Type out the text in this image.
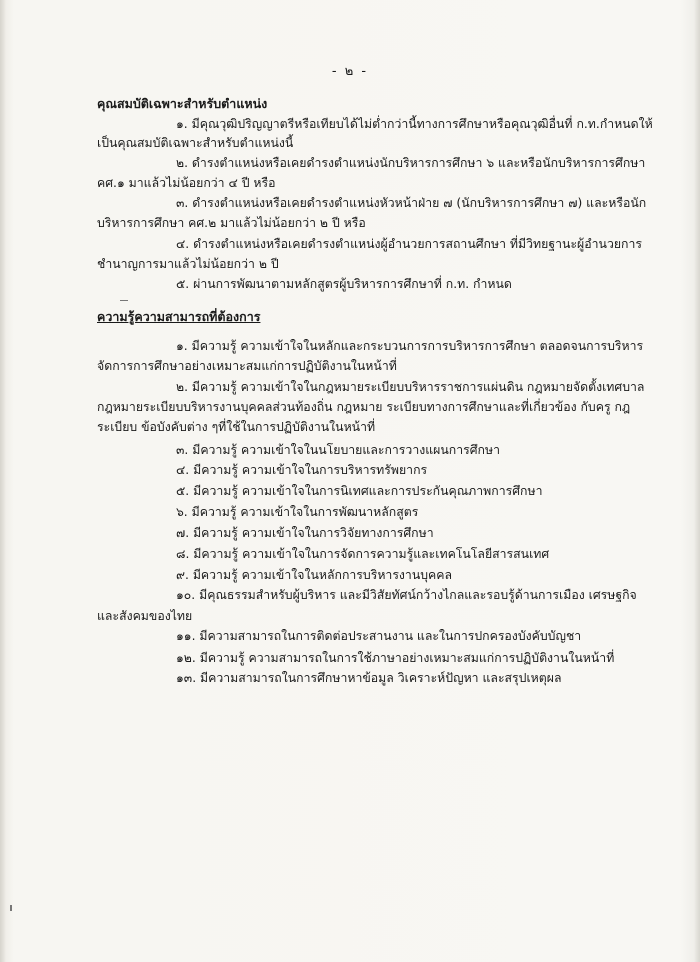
- ๒ -
คุณสมบัติเฉพาะสำหรับตำแหน่ง
๑. มีคุณวุฒิปริญญาตรีหรือเทียบได้ไม่ต่ำกว่านี้ทางการศึกษาหรือคุณวุฒิอื่นที่ ก.ท.กำหนดให้
เป็นคุณสมบัติเฉพาะสำหรับตำแหน่งนี้
๒. ดำรงตำแหน่งหรือเคยดำรงตำแหน่งนักบริหารการศึกษา ๖ และหรือนักบริหารการศึกษา
คศ.๑ มาแล้วไม่น้อยกว่า ๔ ปี หรือ
๓. ดำรงตำแหน่งหรือเคยดำรงตำแหน่งหัวหน้าฝ่าย ๗ (นักบริหารการศึกษา ๗) และหรือนัก
บริหารการศึกษา คศ.๒ มาแล้วไม่น้อยกว่า ๒ ปี หรือ
๔. ดำรงตำแหน่งหรือเคยดำรงตำแหน่งผู้อำนวยการสถานศึกษา ที่มีวิทยฐานะผู้อำนวยการ
ชำนาญการมาแล้วไม่น้อยกว่า ๒ ปี
๕. ผ่านการพัฒนาตามหลักสูตรผู้บริหารการศึกษาที่ ก.ท. กำหนด
ความรู้ความสามารถที่ต้องการ
๑. มีความรู้ ความเข้าใจในหลักและกระบวนการการบริหารการศึกษา ตลอดจนการบริหาร
จัดการการศึกษาอย่างเหมาะสมแก่การปฏิบัติงานในหน้าที่
๒. มีความรู้ ความเข้าใจในกฎหมายระเบียบบริหารราชการแผ่นดิน กฎหมายจัดตั้งเทศบาล
กฎหมายระเบียบบริหารงานบุคคลส่วนท้องถิ่น กฎหมาย ระเบียบทางการศึกษาและที่เกี่ยวข้อง กับครู กฎ
ระเบียบ ข้อบังคับต่าง ๆที่ใช้ในการปฏิบัติงานในหน้าที่
๓. มีความรู้ ความเข้าใจในนโยบายและการวางแผนการศึกษา
๔. มีความรู้ ความเข้าใจในการบริหารทรัพยากร
๕. มีความรู้ ความเข้าใจในการนิเทศและการประกันคุณภาพการศึกษา
๖. มีความรู้ ความเข้าใจในการพัฒนาหลักสูตร
๗. มีความรู้ ความเข้าใจในการวิจัยทางการศึกษา
๘. มีความรู้ ความเข้าใจในการจัดการความรู้และเทคโนโลยีสารสนเทศ
๙. มีความรู้ ความเข้าใจในหลักการบริหารงานบุคคล
๑๐. มีคุณธรรมสำหรับผู้บริหาร และมีวิสัยทัศน์กว้างไกลและรอบรู้ด้านการเมือง เศรษฐกิจ
และสังคมของไทย
๑๑. มีความสามารถในการติดต่อประสานงาน และในการปกครองบังคับบัญชา
๑๒. มีความรู้ ความสามารถในการใช้ภาษาอย่างเหมาะสมแก่การปฏิบัติงานในหน้าที่
๑๓. มีความสามารถในการศึกษาหาข้อมูล วิเคราะห์ปัญหา และสรุปเหตุผล
